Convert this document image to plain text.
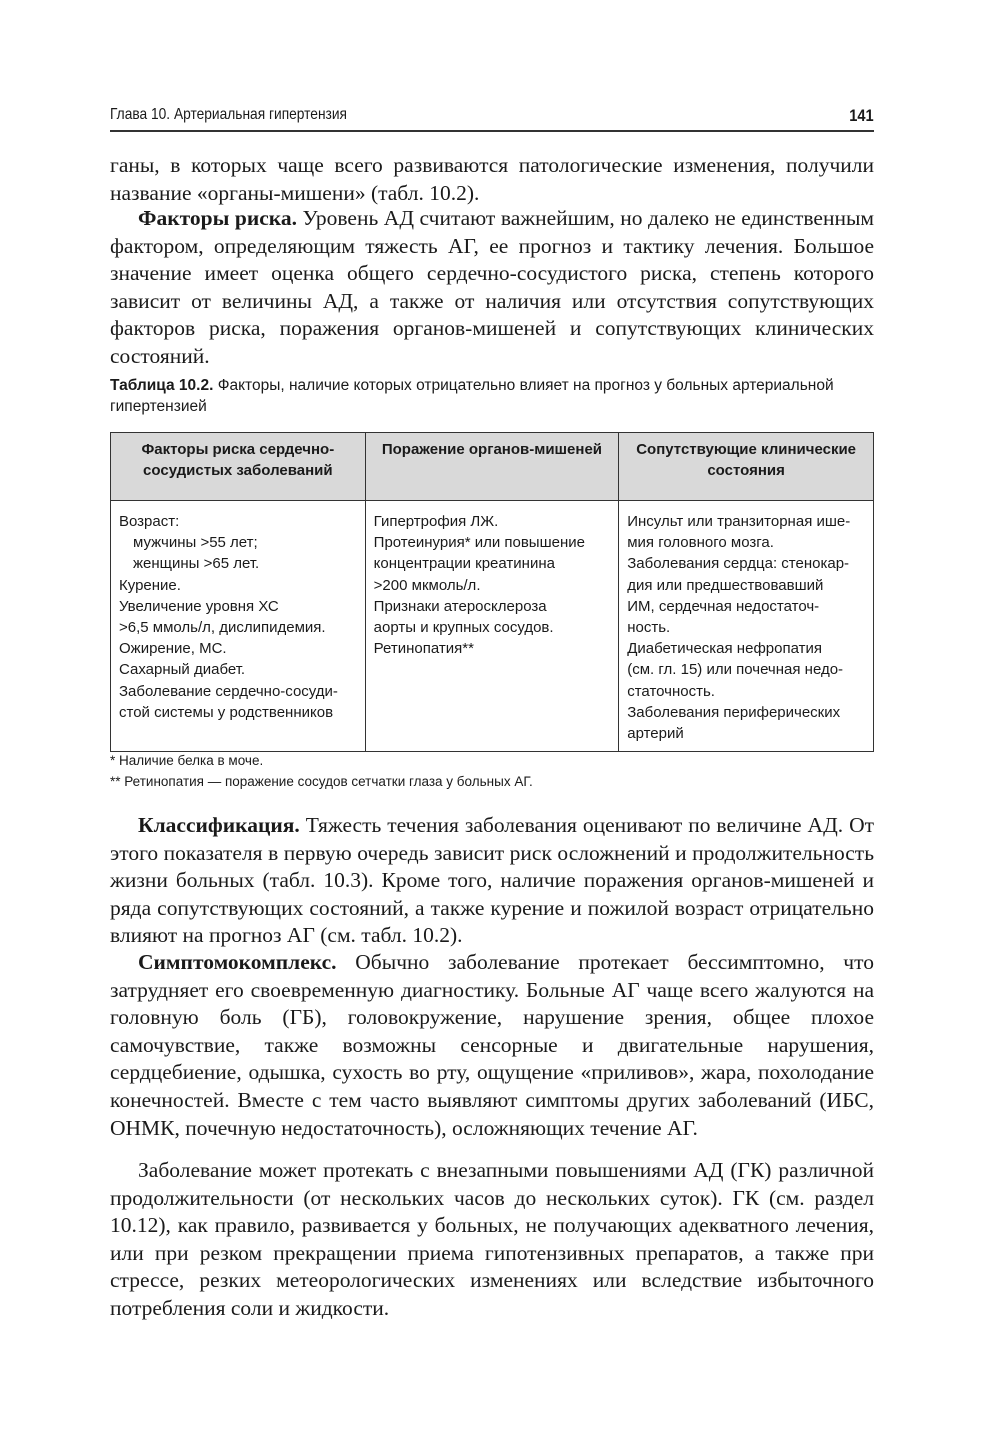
Глава 10. Артериальная гипертензия	141

ганы, в которых чаще всего развиваются патологические изменения, получили название «органы-мишени» (табл. 10.2).

Факторы риска. Уровень АД считают важнейшим, но далеко не единственным фактором, определяющим тяжесть АГ, ее прогноз и тактику лечения. Большое значение имеет оценка общего сердечно-сосудистого риска, степень которого зависит от величины АД, а также от наличия или отсутствия сопутствующих факторов риска, поражения органов-мишеней и сопутствующих клинических состояний.

Таблица 10.2. Факторы, наличие которых отрицательно влияет на прогноз у больных артериальной гипертензией
Факторы риска сердечно-сосудистых заболеваний	Поражение органов-мишеней	Сопутствующие клинические состояния

Возраст:
мужчины >55 лет;
женщины >65 лет.
Курение.
Увеличение уровня ХС
>6,5 ммоль/л, дислипидемия.
Ожирение, МС.
Сахарный диабет.
Заболевание сердечно-сосуди-
стой системы у родственников

Гипертрофия ЛЖ.
Протеинурия* или повышение
концентрации креатинина
>200 мкмоль/л.
Признаки атеросклероза
аорты и крупных сосудов.
Ретинопатия**

Инсульт или транзиторная ише-
мия головного мозга.
Заболевания сердца: стенокар-
дия или предшествовавший
ИМ, сердечная недостаточ-
ность.
Диабетическая нефропатия
(см. гл. 15) или почечная недо-
статочность.
Заболевания периферических
артерий
* Наличие белка в моче.
** Ретинопатия — поражение сосудов сетчатки глаза у больных АГ.

Классификация. Тяжесть течения заболевания оценивают по величине АД. От этого показателя в первую очередь зависит риск осложнений и продолжительность жизни больных (табл. 10.3). Кроме того, наличие поражения органов-мишеней и ряда сопутствующих состояний, а также курение и пожилой возраст отрицательно влияют на прогноз АГ (см. табл. 10.2).

Симптомокомплекс. Обычно заболевание протекает бессимптомно, что затрудняет его своевременную диагностику. Больные АГ чаще всего жалуются на головную боль (ГБ), головокружение, нарушение зрения, общее плохое самочувствие, также возможны сенсорные и двигательные нарушения, сердцебиение, одышка, сухость во рту, ощущение «приливов», жара, похолодание конечностей. Вместе с тем часто выявляют симптомы других заболеваний (ИБС, ОНМК, почечную недостаточность), осложняющих течение АГ.

Заболевание может протекать с внезапными повышениями АД (ГК) различной продолжительности (от нескольких часов до нескольких суток). ГК (см. раздел 10.12), как правило, развивается у больных, не получающих адекватного лечения, или при резком прекращении приема гипотензивных препаратов, а также при стрессе, резких метеорологических изменениях или вследствие избыточного потребления соли и жидкости.
